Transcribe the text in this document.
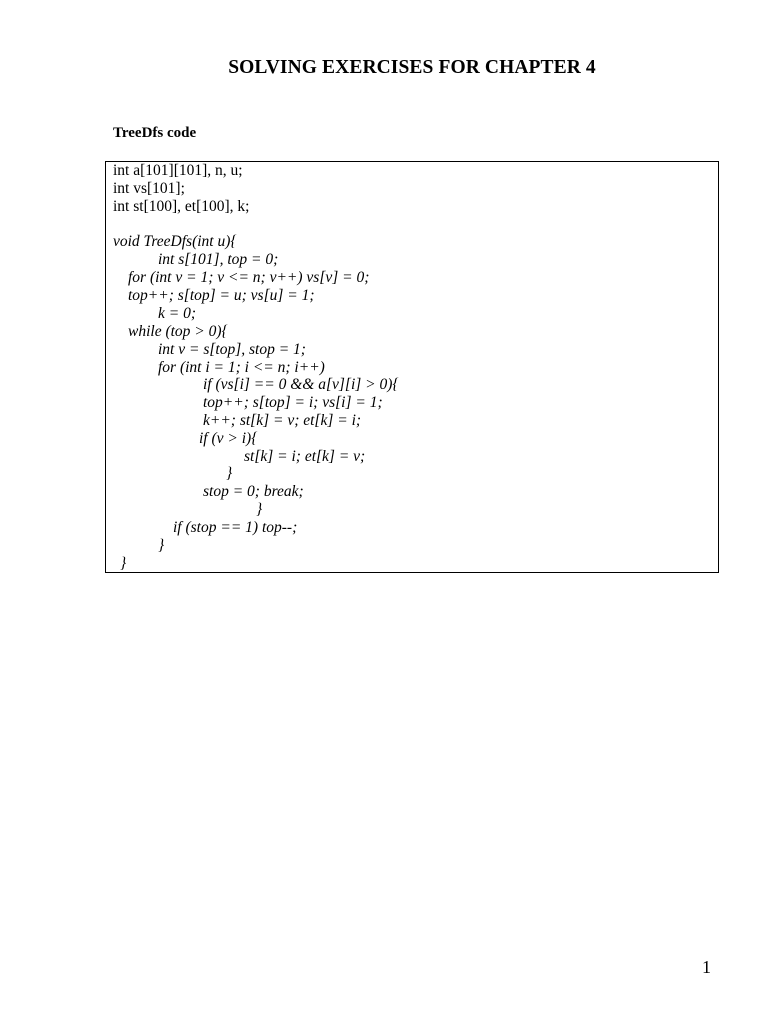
SOLVING EXERCISES FOR CHAPTER 4
TreeDfs code
int a[101][101], n, u;
int vs[101];
int st[100], et[100], k;
void TreeDfs(int u){
int s[101], top = 0;
for (int v = 1; v <= n; v++) vs[v] = 0;
top++; s[top] = u; vs[u] = 1;
k = 0;
while (top > 0){
int v = s[top], stop = 1;
for (int i = 1; i <= n; i++)
if (vs[i] == 0 && a[v][i] > 0){
top++; s[top] = i; vs[i] = 1;
k++; st[k] = v; et[k] = i;
if (v > i){
st[k] = i; et[k] = v;
}
stop = 0; break;
}
if (stop == 1) top--;
}
}
1
